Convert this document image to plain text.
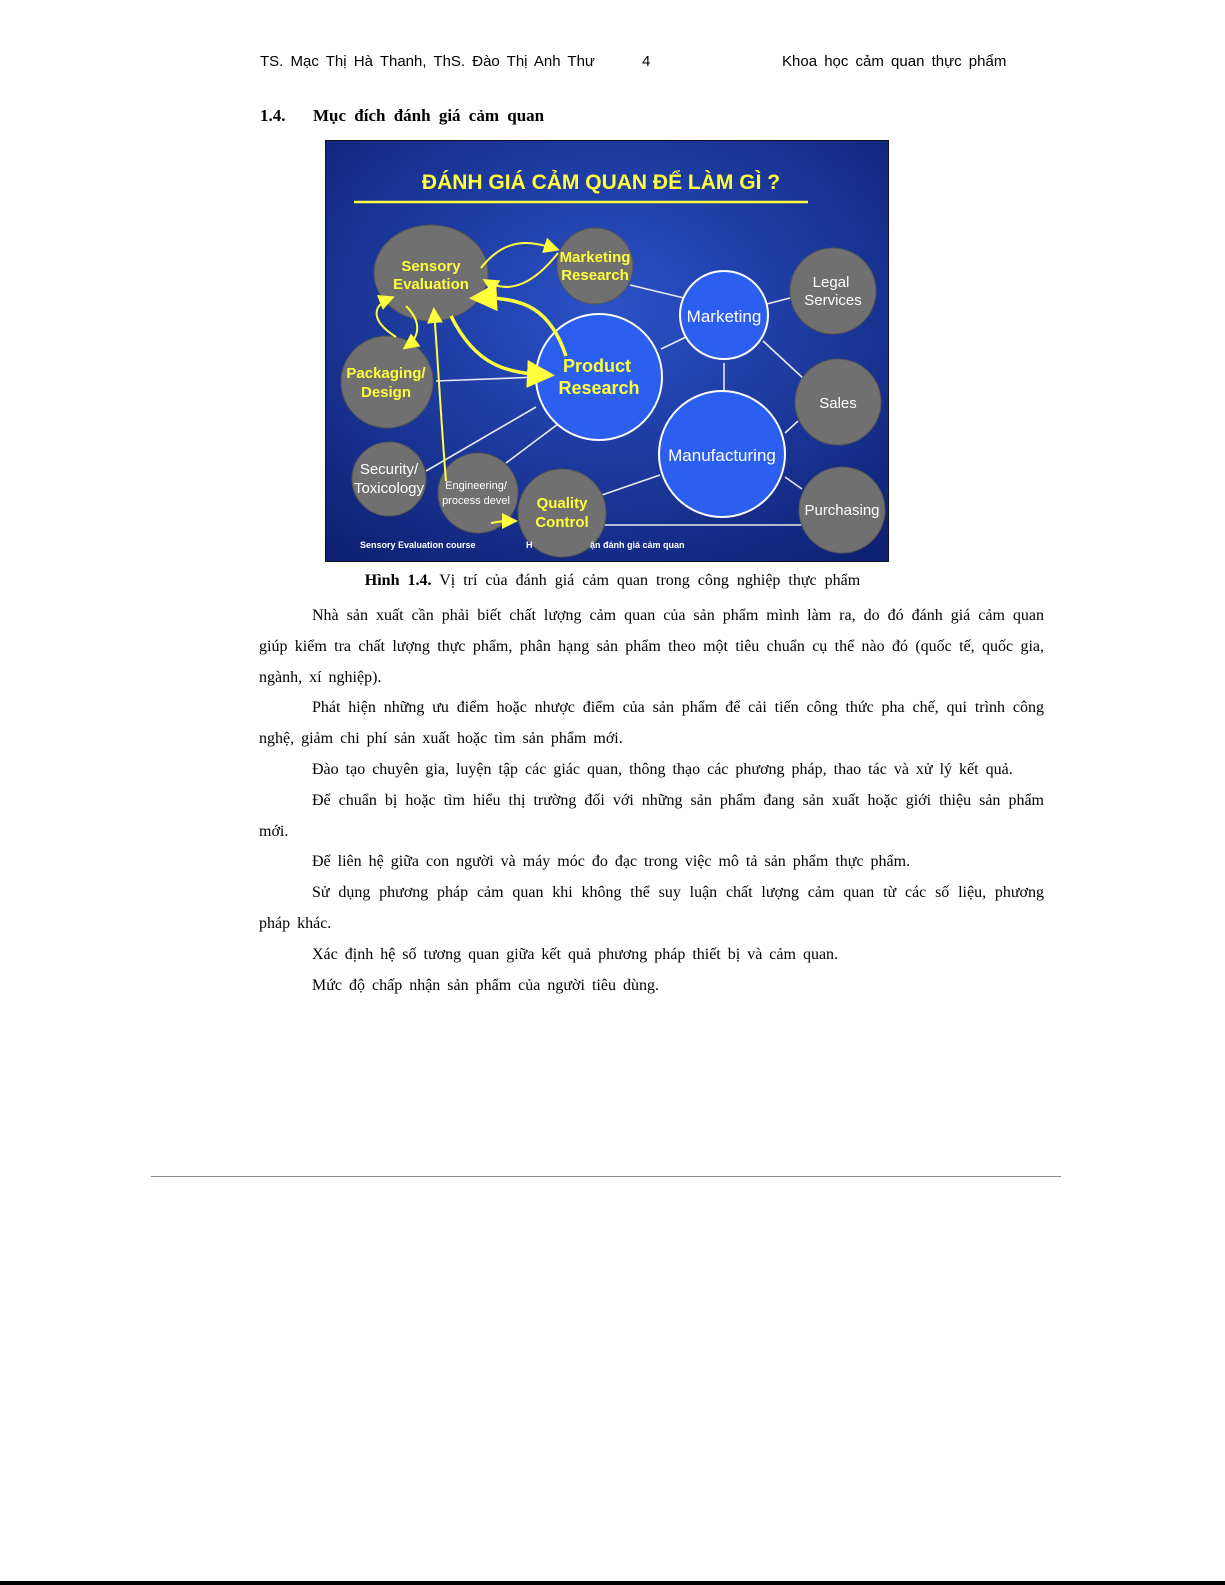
TS. Mạc Thị Hà Thanh, ThS. Đào Thị Anh Thư	4	Khoa học cảm quan thực phẩm
1.4. Mục đích đánh giá cảm quan
ĐÁNH GIÁ CẢM QUAN ĐỂ LÀM GÌ ?
Sensory
Evaluation
Marketing
Research	Legal
Services
Packaging/
Design
Sales
Security/
Toxicology Engineering/
process devel Quality
Control
Purchasing
Marketing
Product
Research
Manufacturing
Sensory Evaluation course	H	ận đánh giá cảm quan
Hình 1.4. Vị trí của đánh giá cảm quan trong công nghiệp thực phẩm

Nhà sản xuất cần phải biết chất lượng cảm quan của sản phẩm mình làm ra, do đó đánh giá cảm quan giúp kiểm tra chất lượng thực phẩm, phân hạng sản phẩm theo một tiêu chuẩn cụ thể nào đó (quốc tế, quốc gia, ngành, xí nghiệp).

Phát hiện những ưu điểm hoặc nhược điểm của sản phẩm để cải tiến công thức pha chế, qui trình công nghệ, giảm chi phí sản xuất hoặc tìm sản phẩm mới.

Đào tạo chuyên gia, luyện tập các giác quan, thông thạo các phương pháp, thao tác và xử lý kết quả.

Để chuẩn bị hoặc tìm hiểu thị trường đối với những sản phẩm đang sản xuất hoặc giới thiệu sản phẩm mới.

Để liên hệ giữa con người và máy móc đo đạc trong việc mô tả sản phẩm thực phẩm.

Sử dụng phương pháp cảm quan khi không thể suy luận chất lượng cảm quan từ các số liệu, phương pháp khác.

Xác định hệ số tương quan giữa kết quả phương pháp thiết bị và cảm quan.

Mức độ chấp nhận sản phẩm của người tiêu dùng.
